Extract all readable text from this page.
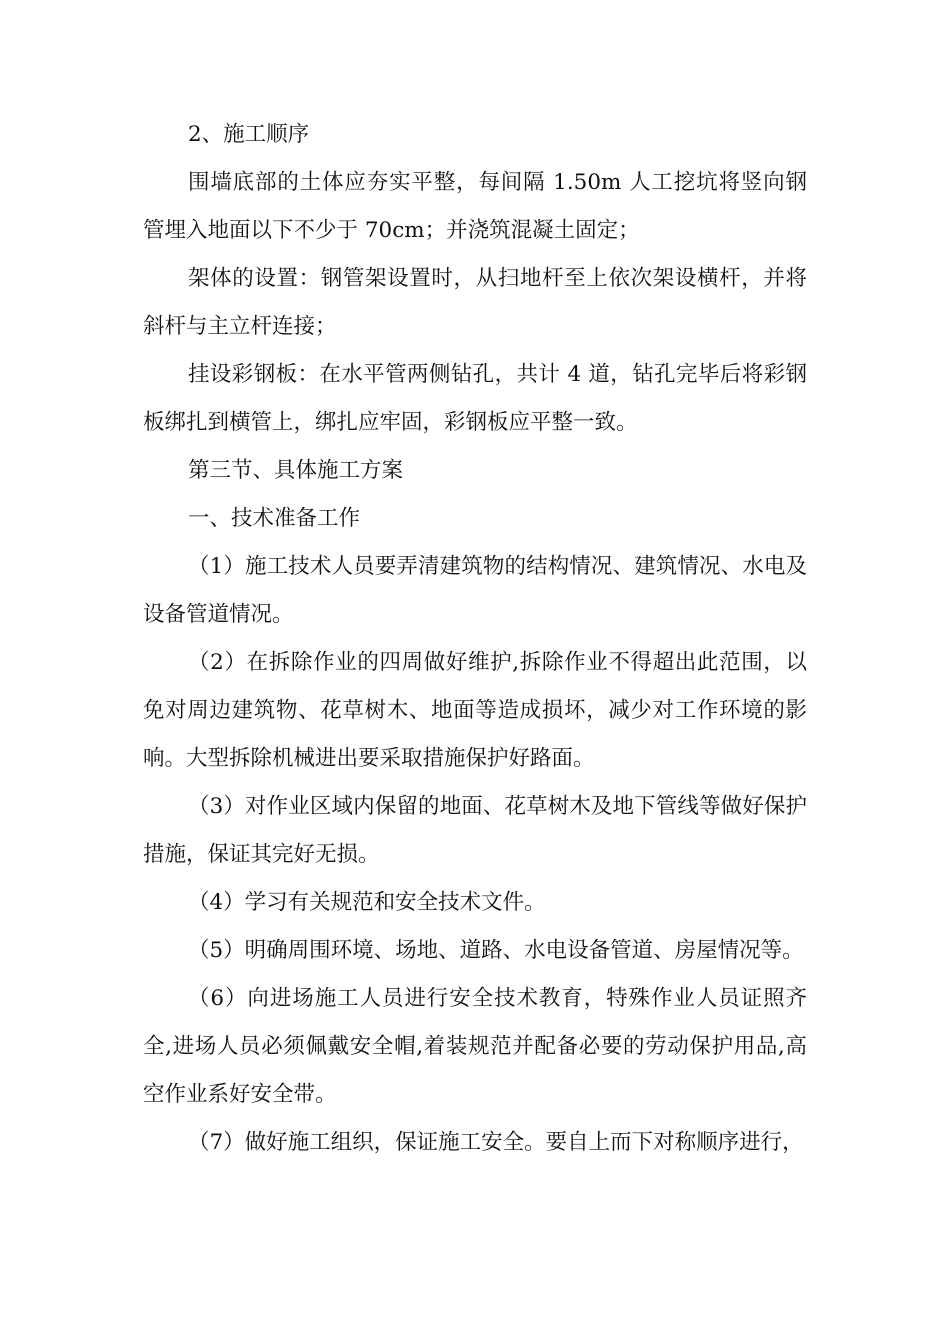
2、施工顺序

围墙底部的土体应夯实平整，每间隔 1.50m 人工挖坑将竖向钢管埋入地面以下不少于 70cm；并浇筑混凝土固定；

架体的设置：钢管架设置时，从扫地杆至上依次架设横杆，并将斜杆与主立杆连接；

挂设彩钢板：在水平管两侧钻孔，共计 4 道，钻孔完毕后将彩钢板绑扎到横管上，绑扎应牢固，彩钢板应平整一致。

第三节、具体施工方案

一、技术准备工作

（1）施工技术人员要弄清建筑物的结构情况、建筑情况、水电及设备管道情况。

（2）在拆除作业的四周做好维护,拆除作业不得超出此范围，以免对周边建筑物、花草树木、地面等造成损坏，减少对工作环境的影响。大型拆除机械进出要采取措施保护好路面。

（3）对作业区域内保留的地面、花草树木及地下管线等做好保护措施，保证其完好无损。

（4）学习有关规范和安全技术文件。

（5）明确周围环境、场地、道路、水电设备管道、房屋情况等。

（6）向进场施工人员进行安全技术教育，特殊作业人员证照齐全,进场人员必须佩戴安全帽,着装规范并配备必要的劳动保护用品,高空作业系好安全带。

（7）做好施工组织，保证施工安全。要自上而下对称顺序进行，
